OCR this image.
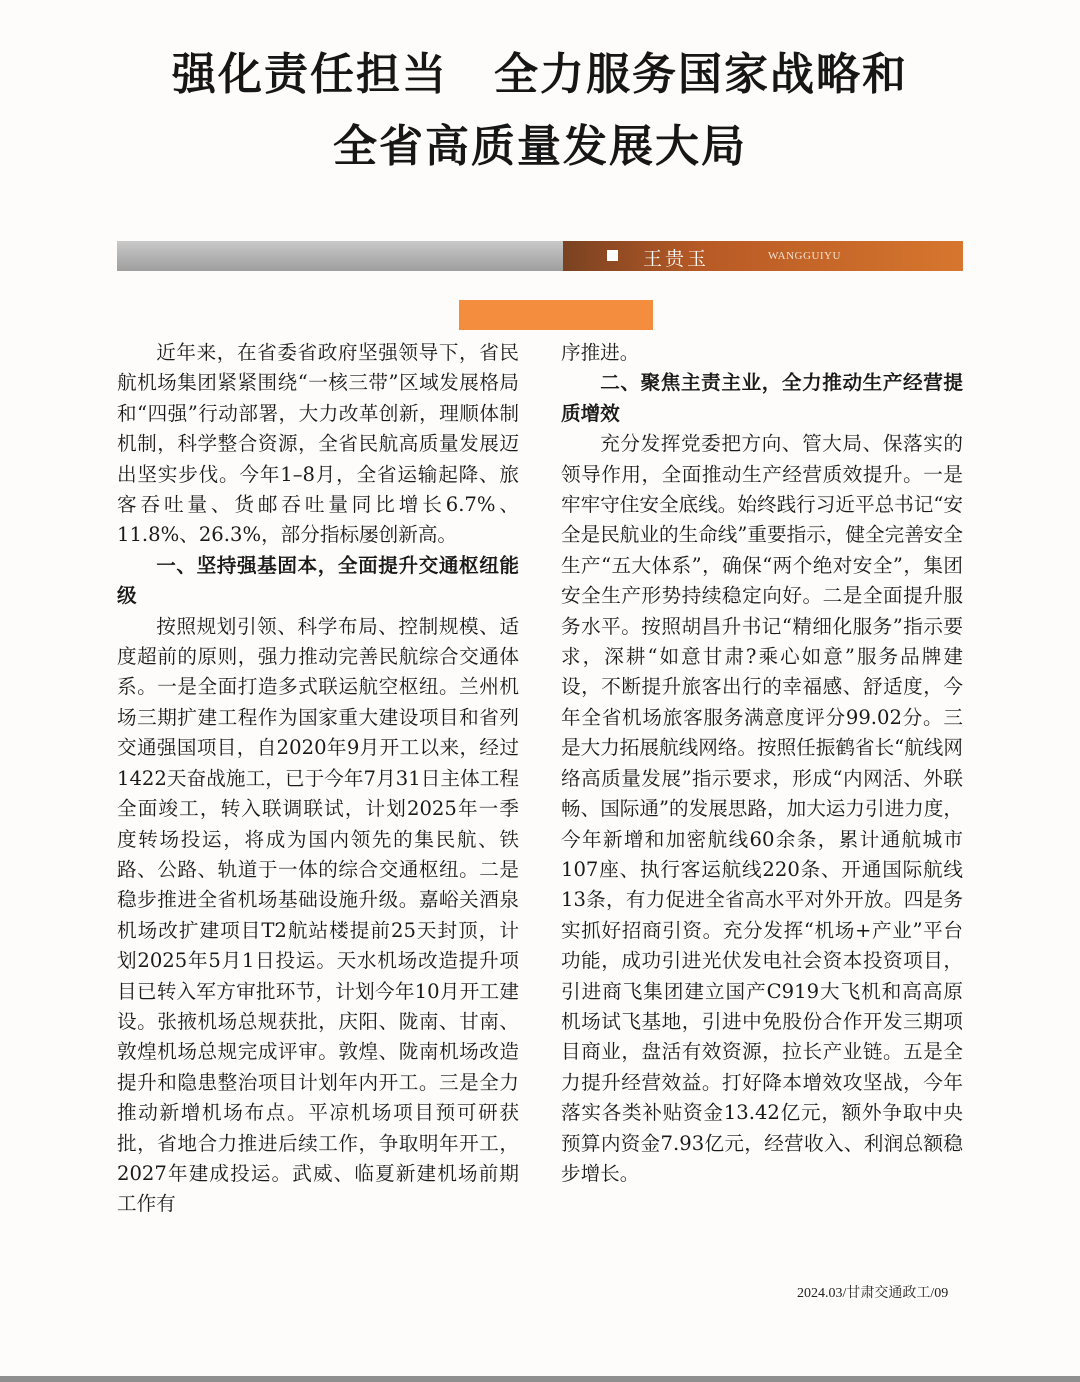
强化责任担当　全力服务国家战略和
全省高质量发展大局
王贵玉	WANGGUIYU

近年来，在省委省政府坚强领导下，省民航机场集团紧紧围绕“一核三带”区域发展格局和“四强”行动部署，大力改革创新，理顺体制机制，科学整合资源，全省民航高质量发展迈出坚实步伐。今年1–8月，全省运输起降、旅客吞吐量、货邮吞吐量同比增长6.7%、11.8%、26.3%，部分指标屡创新高。

一、坚持强基固本，全面提升交通枢纽能级

按照规划引领、科学布局、控制规模、适度超前的原则，强力推动完善民航综合交通体系。一是全面打造多式联运航空枢纽。兰州机场三期扩建工程作为国家重大建设项目和省列交通强国项目，自2020年9月开工以来，经过1422天奋战施工，已于今年7月31日主体工程全面竣工，转入联调联试，计划2025年一季度转场投运，将成为国内领先的集民航、铁路、公路、轨道于一体的综合交通枢纽。二是稳步推进全省机场基础设施升级。嘉峪关酒泉机场改扩建项目T2航站楼提前25天封顶，计划2025年5月1日投运。天水机场改造提升项目已转入军方审批环节，计划今年10月开工建设。张掖机场总规获批，庆阳、陇南、甘南、敦煌机场总规完成评审。敦煌、陇南机场改造提升和隐患整治项目计划年内开工。三是全力推动新增机场布点。平凉机场项目预可研获批，省地合力推进后续工作，争取明年开工，2027年建成投运。武威、临夏新建机场前期工作有

序推进。

二、聚焦主责主业，全力推动生产经营提质增效

充分发挥党委把方向、管大局、保落实的领导作用，全面推动生产经营质效提升。一是牢牢守住安全底线。始终践行习近平总书记“安全是民航业的生命线”重要指示，健全完善安全生产“五大体系”，确保“两个绝对安全”，集团安全生产形势持续稳定向好。二是全面提升服务水平。按照胡昌升书记“精细化服务”指示要求，深耕“如意甘肃?乘心如意”服务品牌建设，不断提升旅客出行的幸福感、舒适度，今年全省机场旅客服务满意度评分99.02分。三是大力拓展航线网络。按照任振鹤省长“航线网络高质量发展”指示要求，形成“内网活、外联畅、国际通”的发展思路，加大运力引进力度，今年新增和加密航线60余条，累计通航城市107座、执行客运航线220条、开通国际航线13条，有力促进全省高水平对外开放。四是务实抓好招商引资。充分发挥“机场+产业”平台功能，成功引进光伏发电社会资本投资项目，引进商飞集团建立国产C919大飞机和高高原机场试飞基地，引进中免股份合作开发三期项目商业，盘活有效资源，拉长产业链。五是全力提升经营效益。打好降本增效攻坚战，今年落实各类补贴资金13.42亿元，额外争取中央预算内资金7.93亿元，经营收入、利润总额稳步增长。

2024.03/甘肃交通政工/09
